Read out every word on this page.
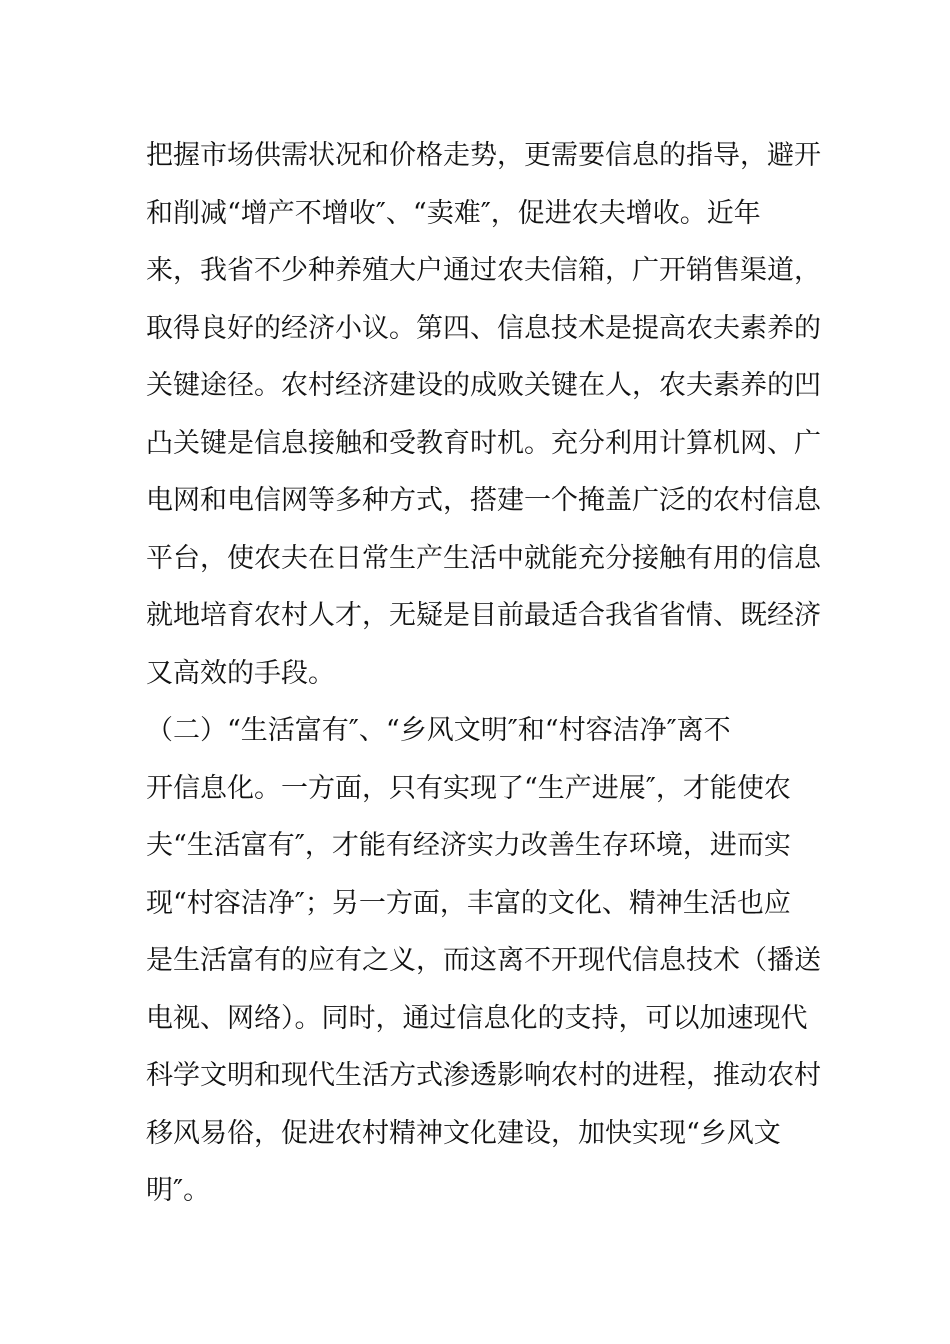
把握市场供需状况和价格走势，更需要信息的指导，避开
和削减“增产不增收″、“卖难″，促进农夫增收。近年
来，我省不少种养殖大户通过农夫信箱，广开销售渠道，
取得良好的经济小议。第四、信息技术是提高农夫素养的
关键途径。农村经济建设的成败关键在人，农夫素养的凹
凸关键是信息接触和受教育时机。充分利用计算机网、广
电网和电信网等多种方式，搭建一个掩盖广泛的农村信息
平台，使农夫在日常生产生活中就能充分接触有用的信息
就地培育农村人才，无疑是目前最适合我省省情、既经济
又高效的手段。
（二）“生活富有″、“乡风文明″和“村容洁净″离不
开信息化。一方面，只有实现了“生产进展″，才能使农
夫“生活富有″，才能有经济实力改善生存环境，进而实
现“村容洁净″；另一方面，丰富的文化、精神生活也应
是生活富有的应有之义，而这离不开现代信息技术（播送
电视、网络）。同时，通过信息化的支持，可以加速现代
科学文明和现代生活方式渗透影响农村的进程，推动农村
移风易俗，促进农村精神文化建设，加快实现“乡风文
明″。
